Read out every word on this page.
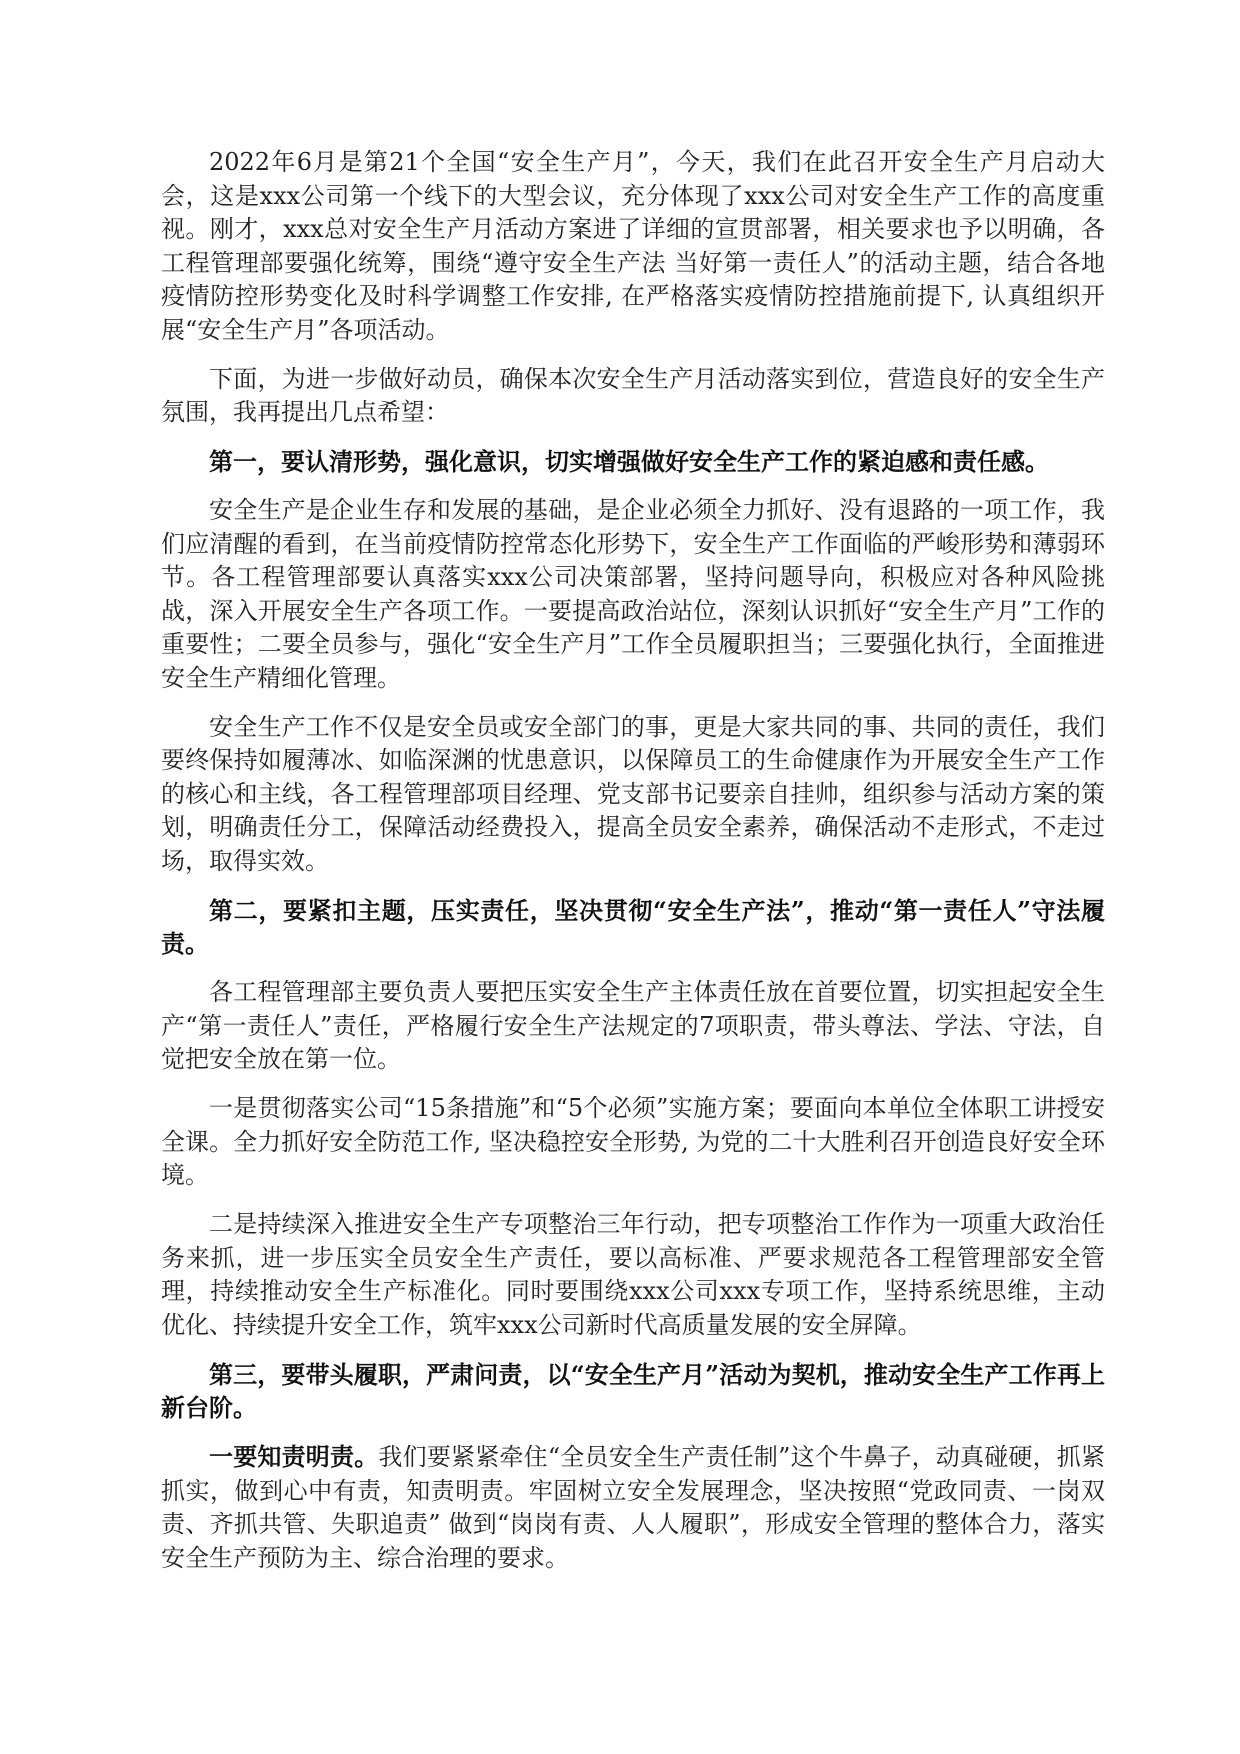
2022年6月是第21个全国“安全生产月”，今天，我们在此召开安全生产月启动大会，这是xxx公司第一个线下的大型会议，充分体现了xxx公司对安全生产工作的高度重视。刚才，xxx总对安全生产月活动方案进了详细的宣贯部署，相关要求也予以明确，各工程管理部要强化统筹，围绕“遵守安全生产法 当好第一责任人”的活动主题，结合各地疫情防控形势变化及时科学调整工作安排, 在严格落实疫情防控措施前提下, 认真组织开展“安全生产月”各项活动。

下面，为进一步做好动员，确保本次安全生产月活动落实到位，营造良好的安全生产氛围，我再提出几点希望：

第一，要认清形势，强化意识，切实增强做好安全生产工作的紧迫感和责任感。

安全生产是企业生存和发展的基础，是企业必须全力抓好、没有退路的一项工作，我们应清醒的看到，在当前疫情防控常态化形势下，安全生产工作面临的严峻形势和薄弱环节。各工程管理部要认真落实xxx公司决策部署，坚持问题导向，积极应对各种风险挑战，深入开展安全生产各项工作。一要提高政治站位，深刻认识抓好“安全生产月”工作的重要性；二要全员参与，强化“安全生产月”工作全员履职担当；三要强化执行，全面推进安全生产精细化管理。

安全生产工作不仅是安全员或安全部门的事，更是大家共同的事、共同的责任，我们要终保持如履薄冰、如临深渊的忧患意识，以保障员工的生命健康作为开展安全生产工作的核心和主线，各工程管理部项目经理、党支部书记要亲自挂帅，组织参与活动方案的策划，明确责任分工，保障活动经费投入，提高全员安全素养，确保活动不走形式，不走过场，取得实效。

第二，要紧扣主题，压实责任，坚决贯彻“安全生产法”，推动“第一责任人”守法履责。

各工程管理部主要负责人要把压实安全生产主体责任放在首要位置，切实担起安全生产“第一责任人”责任，严格履行安全生产法规定的7项职责，带头尊法、学法、守法，自觉把安全放在第一位。

一是贯彻落实公司“15条措施”和“5个必须”实施方案；要面向本单位全体职工讲授安全课。全力抓好安全防范工作, 坚决稳控安全形势, 为党的二十大胜利召开创造良好安全环境。

二是持续深入推进安全生产专项整治三年行动，把专项整治工作作为一项重大政治任务来抓，进一步压实全员安全生产责任，要以高标准、严要求规范各工程管理部安全管理，持续推动安全生产标准化。同时要围绕xxx公司xxx专项工作，坚持系统思维，主动优化、持续提升安全工作，筑牢xxx公司新时代高质量发展的安全屏障。

第三，要带头履职，严肃问责，以“安全生产月”活动为契机，推动安全生产工作再上新台阶。

一要知责明责。我们要紧紧牵住“全员安全生产责任制”这个牛鼻子，动真碰硬，抓紧抓实，做到心中有责，知责明责。牢固树立安全发展理念，坚决按照“党政同责、一岗双责、齐抓共管、失职追责” 做到“岗岗有责、人人履职”，形成安全管理的整体合力，落实安全生产预防为主、综合治理的要求。
